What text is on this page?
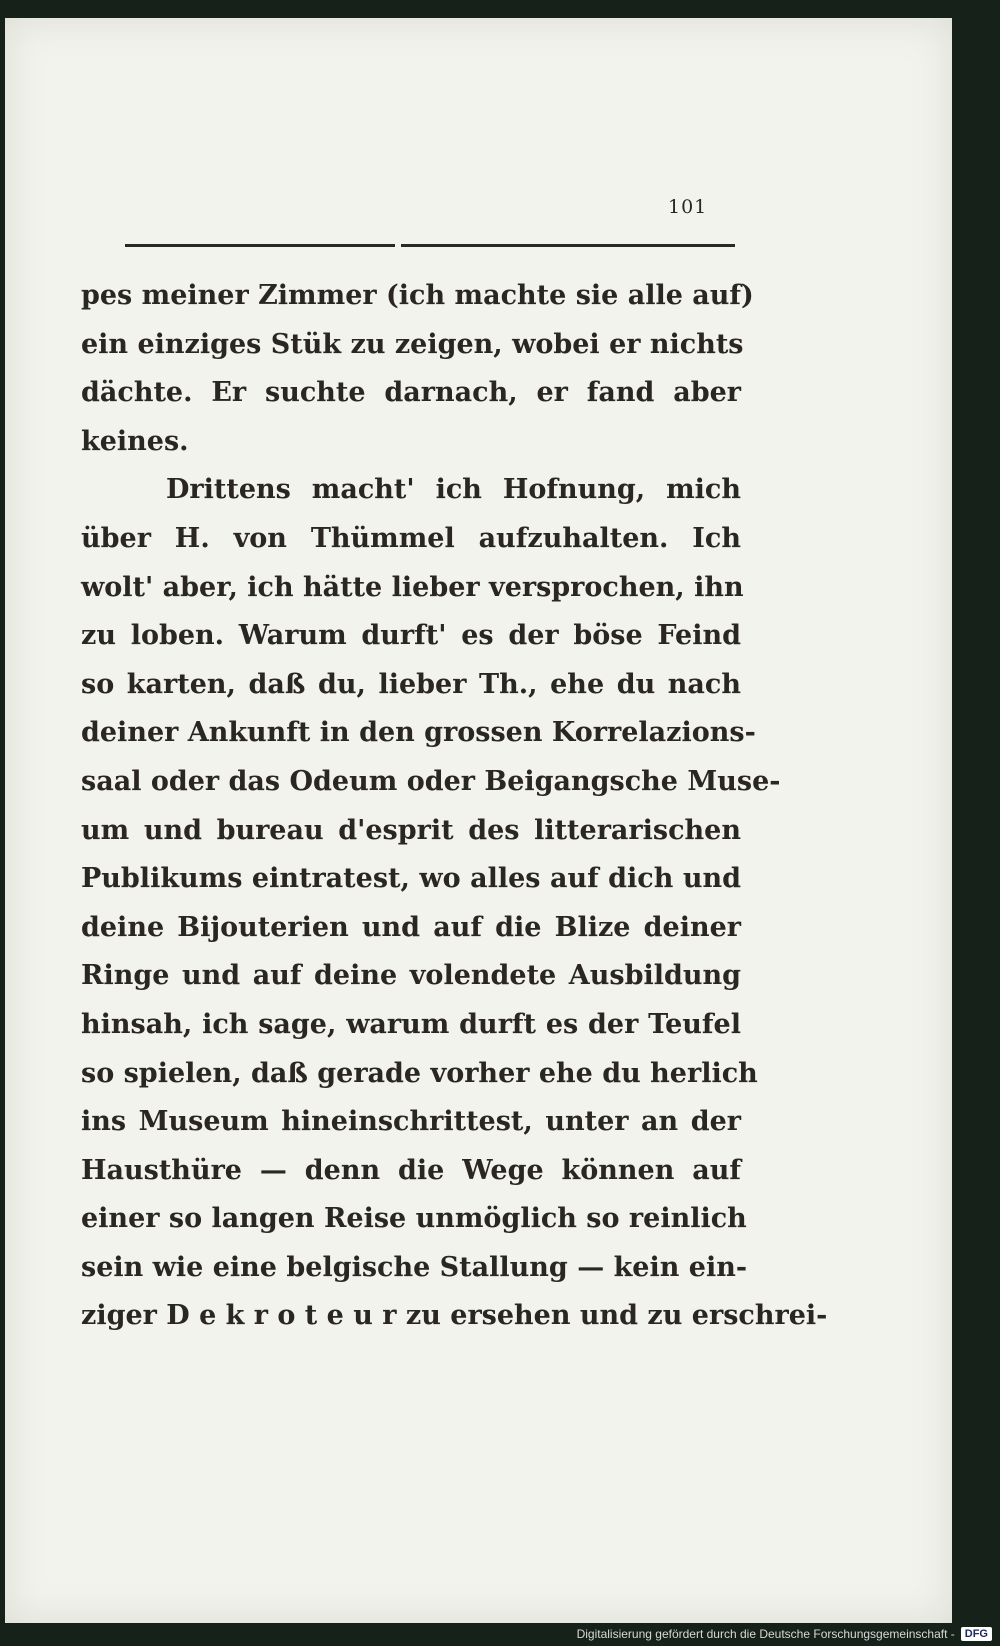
101
pes meiner Zimmer (ich machte sie alle auf)
ein einziges Stük zu zeigen, wobei er nichts
dächte. Er suchte darnach, er fand aber
keines.
Drittens macht' ich Hofnung, mich
über H. von Thümmel aufzuhalten. Ich
wolt' aber, ich hätte lieber versprochen, ihn
zu loben. Warum durft' es der böse Feind
so karten, daß du, lieber Th., ehe du nach
deiner Ankunft in den grossen Korrelazions-
saal oder das Odeum oder Beigangsche Muse-
um und bureau d'esprit des litterarischen
Publikums eintratest, wo alles auf dich und
deine Bijouterien und auf die Blize deiner
Ringe und auf deine volendete Ausbildung
hinsah, ich sage, warum durft es der Teufel
so spielen, daß gerade vorher ehe du herlich
ins Museum hineinschrittest, unter an der
Hausthüre — denn die Wege können auf
einer so langen Reise unmöglich so reinlich
sein wie eine belgische Stallung — kein ein-
ziger D e k r o t e u r zu ersehen und zu erschrei-
Digitalisierung gefördert durch die Deutsche Forschungsgemeinschaft - DFG
